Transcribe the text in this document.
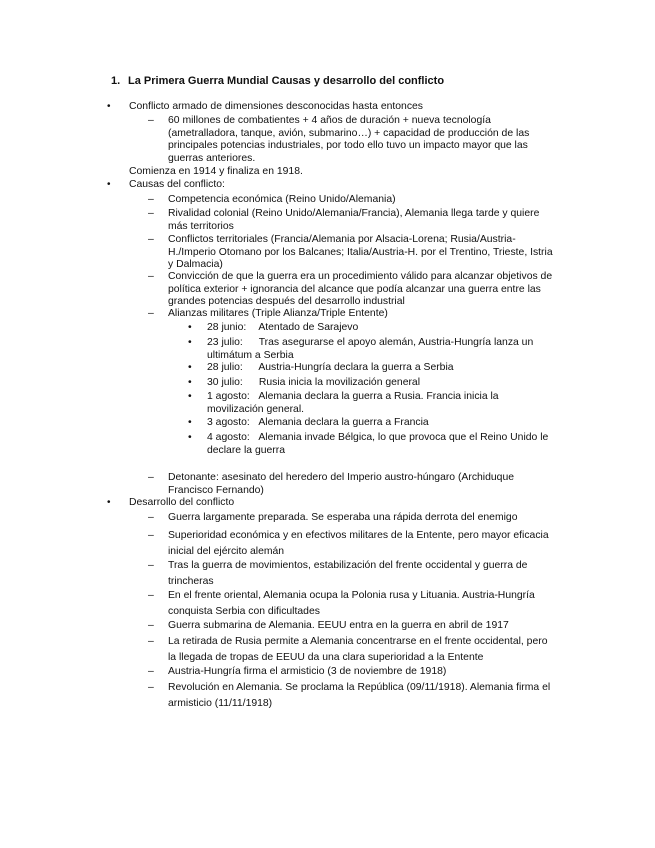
1. La Primera Guerra Mundial Causas y desarrollo del conflicto
• Conflicto armado de dimensiones desconocidas hasta entonces
– 60 millones de combatientes + 4 años de duración + nueva tecnología (ametralladora, tanque, avión, submarino…) + capacidad de producción de las principales potencias industriales, por todo ello tuvo un impacto mayor que las guerras anteriores.
Comienza en 1914 y finaliza en 1918.
• Causas del conflicto:
– Competencia económica (Reino Unido/Alemania)
– Rivalidad colonial (Reino Unido/Alemania/Francia), Alemania llega tarde y quiere más territorios
– Conflictos territoriales (Francia/Alemania por Alsacia-Lorena; Rusia/Austria-H./Imperio Otomano por los Balcanes; Italia/Austria-H. por el Trentino, Trieste, Istria y Dalmacia)
– Convicción de que la guerra era un procedimiento válido para alcanzar objetivos de política exterior + ignorancia del alcance que podía alcanzar una guerra entre las grandes potencias después del desarrollo industrial
– Alianzas militares (Triple Alianza/Triple Entente)
• 28 junio: Atentado de Sarajevo
• 23 julio: Tras asegurarse el apoyo alemán, Austria-Hungría lanza un ultimátum a Serbia
• 28 julio: Austria-Hungría declara la guerra a Serbia
• 30 julio: Rusia inicia la movilización general
• 1 agosto: Alemania declara la guerra a Rusia. Francia inicia la movilización general.
• 3 agosto: Alemania declara la guerra a Francia
• 4 agosto: Alemania invade Bélgica, lo que provoca que el Reino Unido le declare la guerra
– Detonante: asesinato del heredero del Imperio austro-húngaro (Archiduque Francisco Fernando)
• Desarrollo del conflicto
– Guerra largamente preparada. Se esperaba una rápida derrota del enemigo
– Superioridad económica y en efectivos militares de la Entente, pero mayor eficacia inicial del ejército alemán
– Tras la guerra de movimientos, estabilización del frente occidental y guerra de trincheras
– En el frente oriental, Alemania ocupa la Polonia rusa y Lituania. Austria-Hungría conquista Serbia con dificultades
– Guerra submarina de Alemania. EEUU entra en la guerra en abril de 1917
– La retirada de Rusia permite a Alemania concentrarse en el frente occidental, pero la llegada de tropas de EEUU da una clara superioridad a la Entente
– Austria-Hungría firma el armisticio (3 de noviembre de 1918)
– Revolución en Alemania. Se proclama la República (09/11/1918). Alemania firma el armisticio (11/11/1918)
